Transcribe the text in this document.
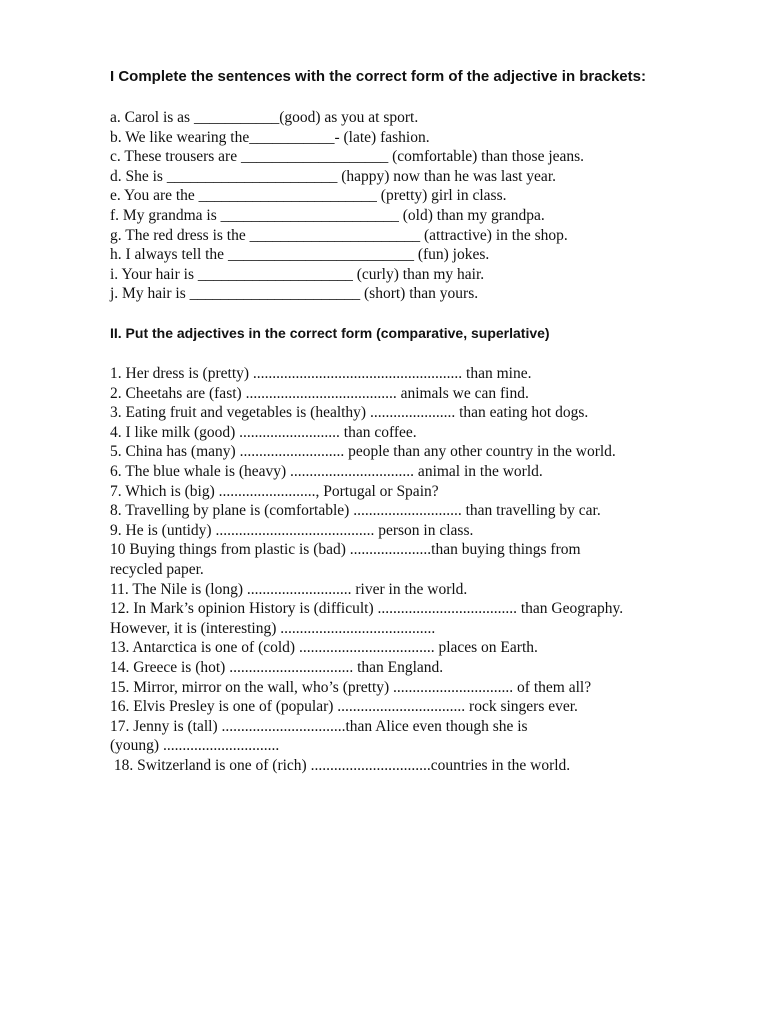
I Complete the sentences with the correct form of the adjective in brackets:
a. Carol is as ___________(good) as you at sport.
b. We like wearing the___________- (late) fashion.
c. These trousers are ___________________ (comfortable) than those jeans.
d. She is ______________________ (happy) now than he was last year.
e. You are the _______________________ (pretty) girl in class.
f. My grandma is _______________________ (old) than my grandpa.
g. The red dress is the ______________________ (attractive) in the shop.
h. I always tell the ________________________ (fun) jokes.
i. Your hair is ____________________ (curly) than my hair.
j. My hair is ______________________ (short) than yours.
II. Put the adjectives in the correct form (comparative, superlative)
1. Her dress is (pretty) ...................................................... than mine.
2. Cheetahs are (fast) ....................................... animals we can find.
3. Eating fruit and vegetables is (healthy) ...................... than eating hot dogs.
4. I like milk (good) .......................... than coffee.
5. China has (many) ........................... people than any other country in the world.
6. The blue whale is (heavy) ................................ animal in the world.
7. Which is (big) ........................., Portugal or Spain?
8. Travelling by plane is (comfortable) ............................ than travelling by car.
9. He is (untidy) ......................................... person in class.
10 Buying things from plastic is (bad) .....................than buying things from
recycled paper.
11. The Nile is (long) ........................... river in the world.
12. In Mark’s opinion History is (difficult) .................................... than Geography.
However, it is (interesting) ........................................
13. Antarctica is one of (cold) ................................... places on Earth.
14. Greece is (hot) ................................ than England.
15. Mirror, mirror on the wall, who’s (pretty) ............................... of them all?
16. Elvis Presley is one of (popular) ................................. rock singers ever.
17. Jenny is (tall) ................................than Alice even though she is
(young) ..............................
18. Switzerland is one of (rich) ...............................countries in the world.
